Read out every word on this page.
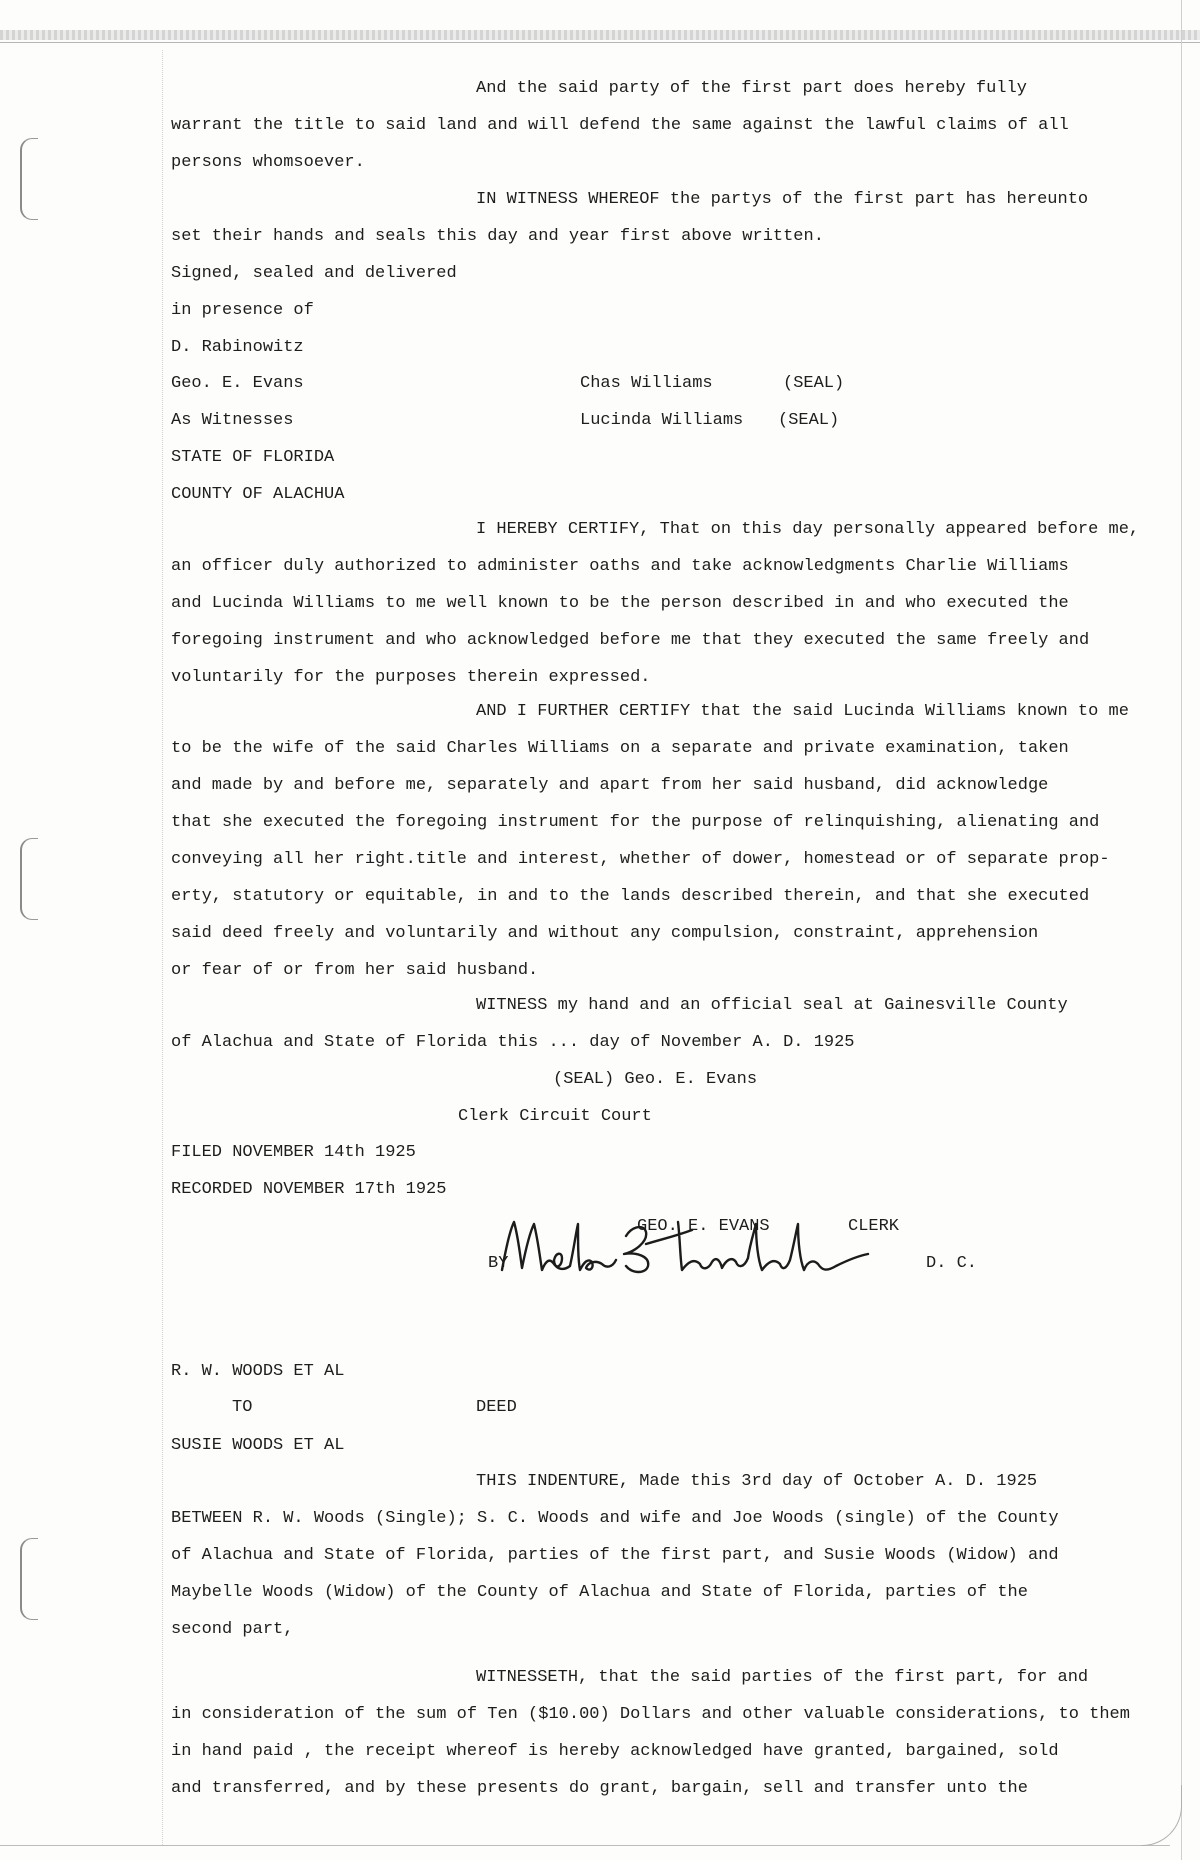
And the said party of the first part does hereby fully
warrant the title to said land and will defend the same against the lawful claims of all
persons whomsoever.
IN WITNESS WHEREOF the partys of the first part has hereunto
set their hands and seals this day and year first above written.
Signed, sealed and delivered
in presence of
D. Rabinowitz
Geo. E. Evans	Chas Williams	(SEAL)
As Witnesses	Lucinda Williams (SEAL)
STATE OF FLORIDA
COUNTY OF ALACHUA
I HEREBY CERTIFY, That on this day personally appeared before me,
an officer duly authorized to administer oaths and take acknowledgments Charlie Williams
and Lucinda Williams to me well known to be the person described in and who executed the
foregoing instrument and who acknowledged before me that they executed the same freely and
voluntarily for the purposes therein expressed.
AND I FURTHER CERTIFY that the said Lucinda Williams known to me
to be the wife of the said Charles Williams on a separate and private examination, taken
and made by and before me, separately and apart from her said husband, did acknowledge
that she executed the foregoing instrument for the purpose of relinquishing, alienating and
conveying all her right.title and interest, whether of dower, homestead or of separate prop-
erty, statutory or equitable, in and to the lands described therein, and that she executed
said deed freely and voluntarily and without any compulsion, constraint, apprehension
or fear of or from her said husband.
WITNESS my hand and an official seal at Gainesville County
of Alachua and State of Florida this ... day of November A. D. 1925
(SEAL) Geo. E. Evans
Clerk Circuit Court
FILED NOVEMBER 14th 1925
RECORDED NOVEMBER 17th 1925
GEO. E. EVANS	CLERK
BY	D. C.
R. W. WOODS ET AL
TO	DEED
SUSIE WOODS ET AL
THIS INDENTURE, Made this 3rd day of October A. D. 1925
BETWEEN R. W. Woods (Single); S. C. Woods and wife and Joe Woods (single) of the County
of Alachua and State of Florida, parties of the first part, and Susie Woods (Widow) and
Maybelle Woods (Widow) of the County of Alachua and State of Florida, parties of the
second part,
WITNESSETH, that the said parties of the first part, for and
in consideration of the sum of Ten ($10.00) Dollars and other valuable considerations, to them
in hand paid , the receipt whereof is hereby acknowledged have granted, bargained, sold
and transferred, and by these presents do grant, bargain, sell and transfer unto the
